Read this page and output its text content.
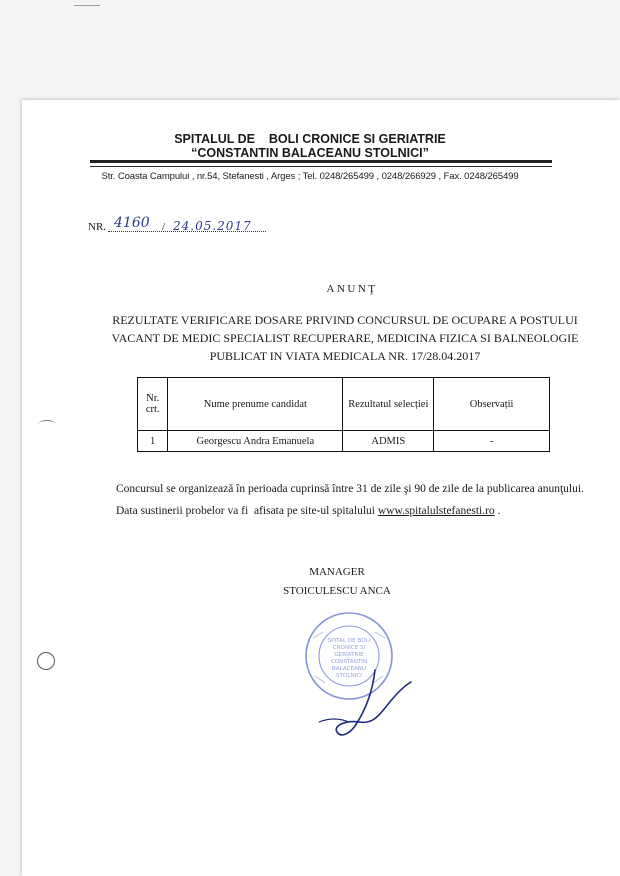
SPITALUL DE    BOLI CRONICE SI GERIATRIE
“CONSTANTIN BALACEANU STOLNICI”
Str. Coasta Campului , nr.54, Stefanesti , Arges ; Tel. 0248/265499 , 0248/266929 , Fax. 0248/265499
NR. 4160 / 24.05.2017
ANUNŢ
REZULTATE VERIFICARE DOSARE PRIVIND CONCURSUL DE OCUPARE A POSTULUI
VACANT DE MEDIC SPECIALIST RECUPERARE, MEDICINA FIZICA SI BALNEOLOGIE
PUBLICAT IN VIATA MEDICALA NR. 17/28.04.2017
Nr. crt.	Nume prenume candidat	Rezultatul selecției	Observații
1	Georgescu Andra Emanuela	ADMIS	-
Concursul se organizează în perioada cuprinsă între 31 de zile şi 90 de zile de la publicarea anunţului.
Data sustinerii probelor va fi  afisata pe site-ul spitalului www.spitalulstefanesti.ro .
MANAGER
STOICULESCU ANCA
SPITAL DE BOLI
CRONICE SI
GERIATRIE
CONSTANTIN
BALACEANU
STOLNICI
